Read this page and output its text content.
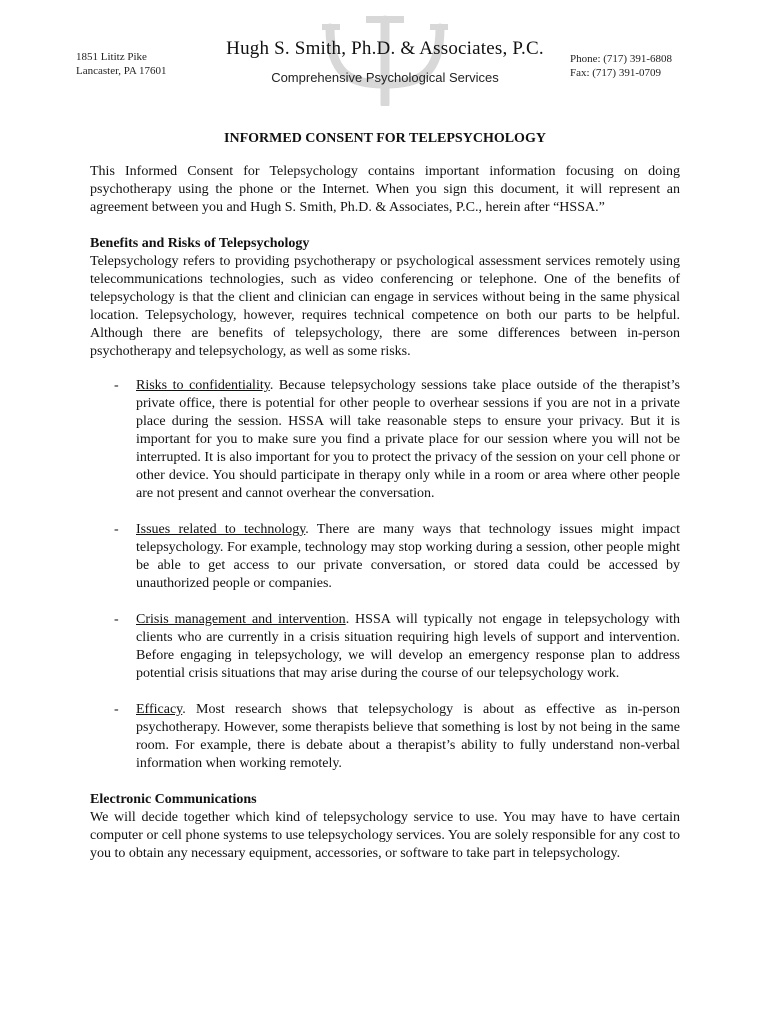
1851 Lititz Pike
Lancaster, PA 17601
Hugh S. Smith, Ph.D. & Associates, P.C.
Comprehensive Psychological Services
Phone: (717) 391-6808
Fax: (717) 391-0709
INFORMED CONSENT FOR TELEPSYCHOLOGY

This Informed Consent for Telepsychology contains important information focusing on doing psychotherapy using the phone or the Internet. When you sign this document, it will represent an agreement between you and Hugh S. Smith, Ph.D. & Associates, P.C., herein after “HSSA.”

Benefits and Risks of Telepsychology

Telepsychology refers to providing psychotherapy or psychological assessment services remotely using telecommunications technologies, such as video conferencing or telephone. One of the benefits of telepsychology is that the client and clinician can engage in services without being in the same physical location. Telepsychology, however, requires technical competence on both our parts to be helpful. Although there are benefits of telepsychology, there are some differences between in-person psychotherapy and telepsychology, as well as some risks.

- Risks to confidentiality. Because telepsychology sessions take place outside of the therapist’s private office, there is potential for other people to overhear sessions if you are not in a private place during the session. HSSA will take reasonable steps to ensure your privacy. But it is important for you to make sure you find a private place for our session where you will not be interrupted. It is also important for you to protect the privacy of the session on your cell phone or other device. You should participate in therapy only while in a room or area where other people are not present and cannot overhear the conversation.
- Issues related to technology. There are many ways that technology issues might impact telepsychology. For example, technology may stop working during a session, other people might be able to get access to our private conversation, or stored data could be accessed by unauthorized people or companies.
- Crisis management and intervention. HSSA will typically not engage in telepsychology with clients who are currently in a crisis situation requiring high levels of support and intervention. Before engaging in telepsychology, we will develop an emergency response plan to address potential crisis situations that may arise during the course of our telepsychology work.
- Efficacy. Most research shows that telepsychology is about as effective as in-person psychotherapy. However, some therapists believe that something is lost by not being in the same room. For example, there is debate about a therapist’s ability to fully understand non-verbal information when working remotely.
Electronic Communications

We will decide together which kind of telepsychology service to use. You may have to have certain computer or cell phone systems to use telepsychology services. You are solely responsible for any cost to you to obtain any necessary equipment, accessories, or software to take part in telepsychology.
